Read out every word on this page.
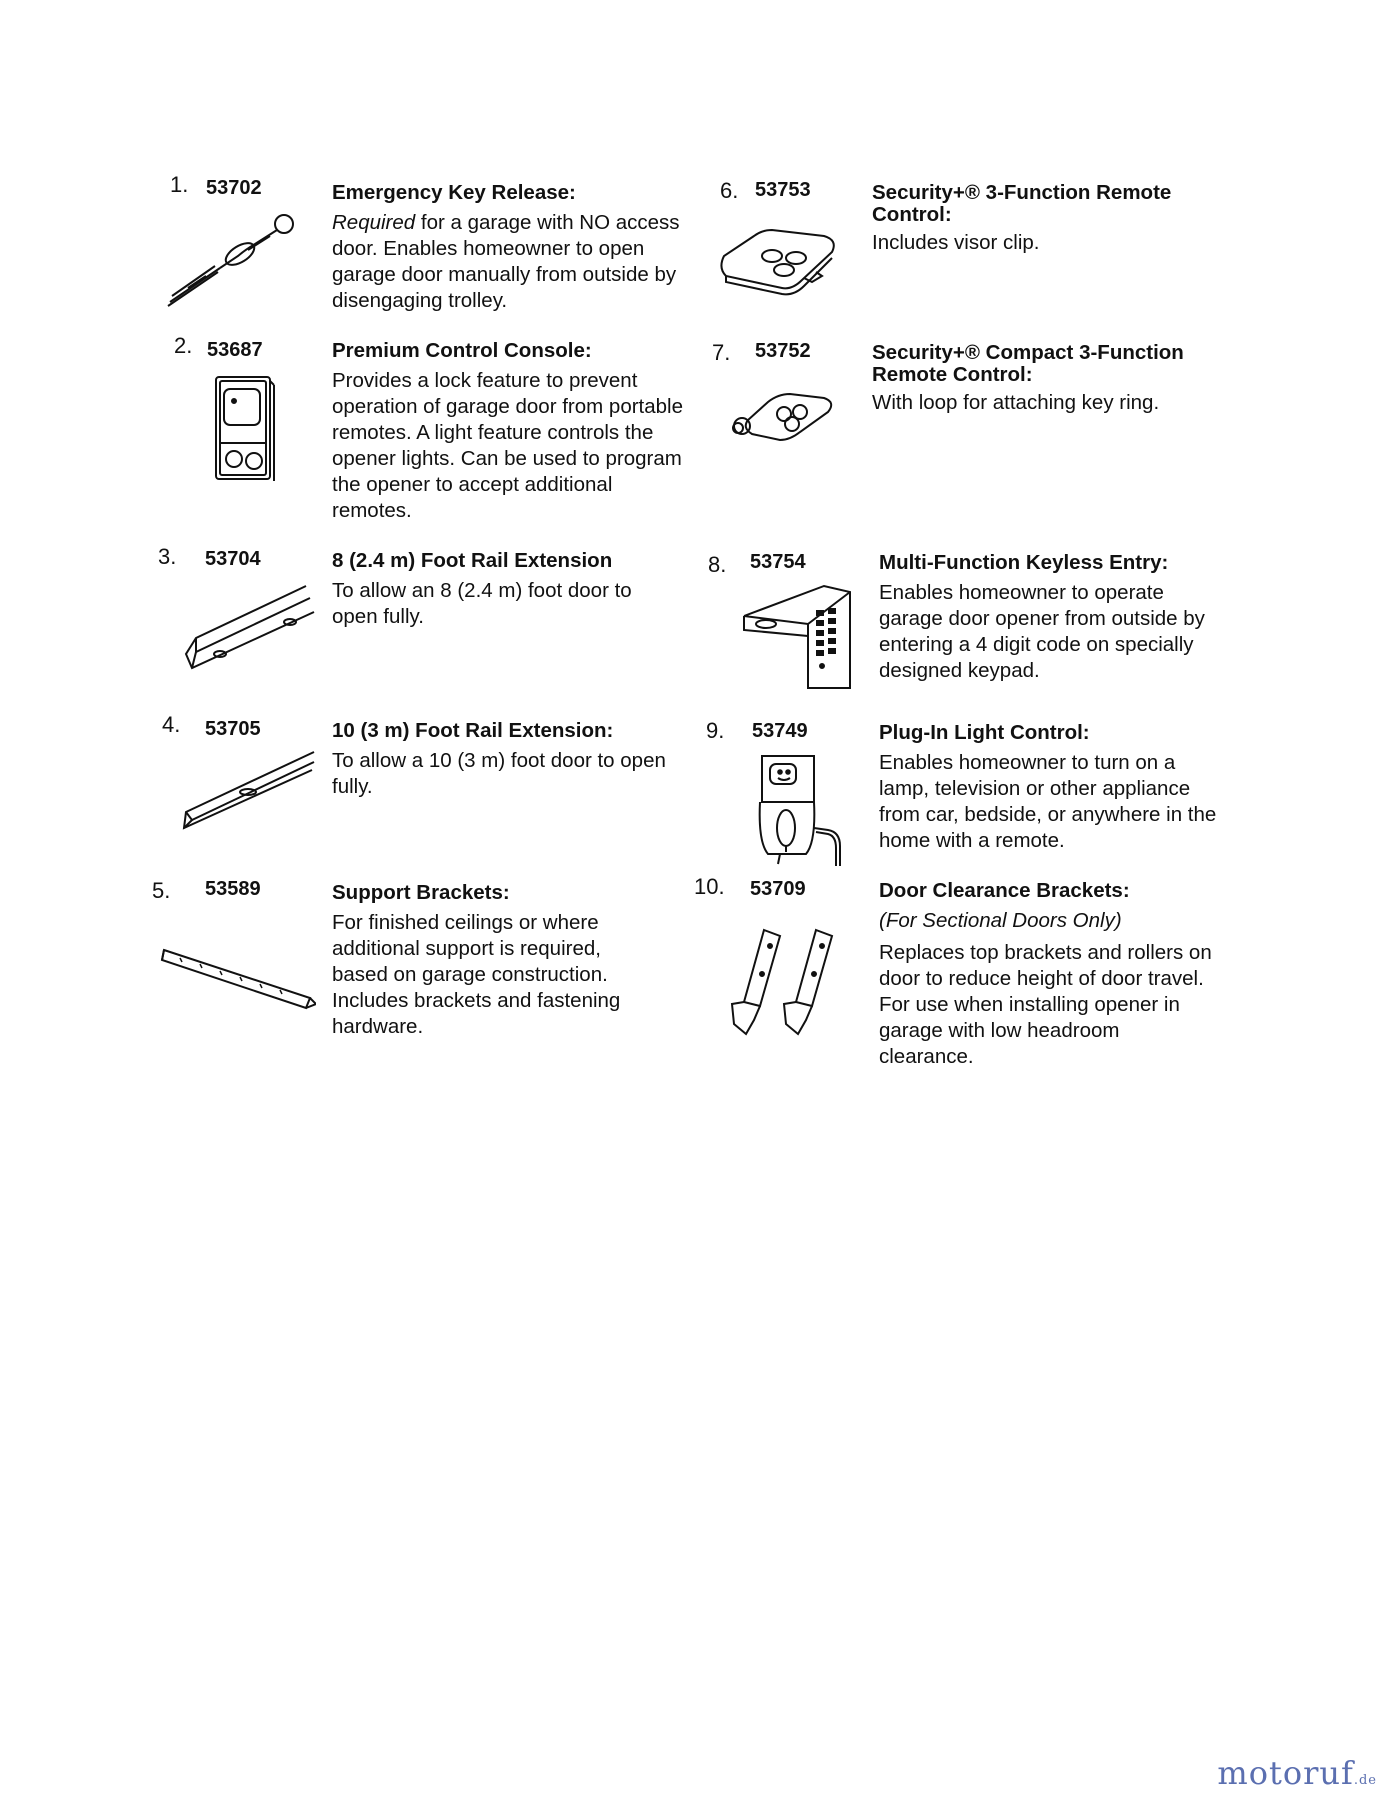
1. 53702	Emergency Key Release:

Required for a garage with NO access door. Enables homeowner to open garage door manually from outside by disengaging trolley.

2. 53687	Premium Control Console:

Provides a lock feature to prevent operation of garage door from portable remotes. A light feature controls the opener lights. Can be used to program the opener to accept additional remotes.

3. 53704	8 (2.4 m) Foot Rail Extension

To allow an 8 (2.4 m) foot door to open fully.

4. 53705	10 (3 m) Foot Rail Extension:

To allow a 10 (3 m) foot door to open fully.

5. 53589	Support Brackets:

For finished ceilings or where additional support is required, based on garage construction. Includes brackets and fastening hardware.

6. 53753	Security+® 3-Function Remote Control:

Includes visor clip.

7. 53752	Security+® Compact 3-Function Remote Control:

With loop for attaching key ring.

8. 53754	Multi-Function Keyless Entry:

Enables homeowner to operate garage door opener from outside by entering a 4 digit code on specially designed keypad.

9. 53749	Plug-In Light Control:

Enables homeowner to turn on a lamp, television or other appliance from car, bedside, or anywhere in the home with a remote.

10. 53709	Door Clearance Brackets:

(For Sectional Doors Only)

Replaces top brackets and rollers on door to reduce height of door travel. For use when installing opener in garage with low headroom clearance.

motoruf.de
